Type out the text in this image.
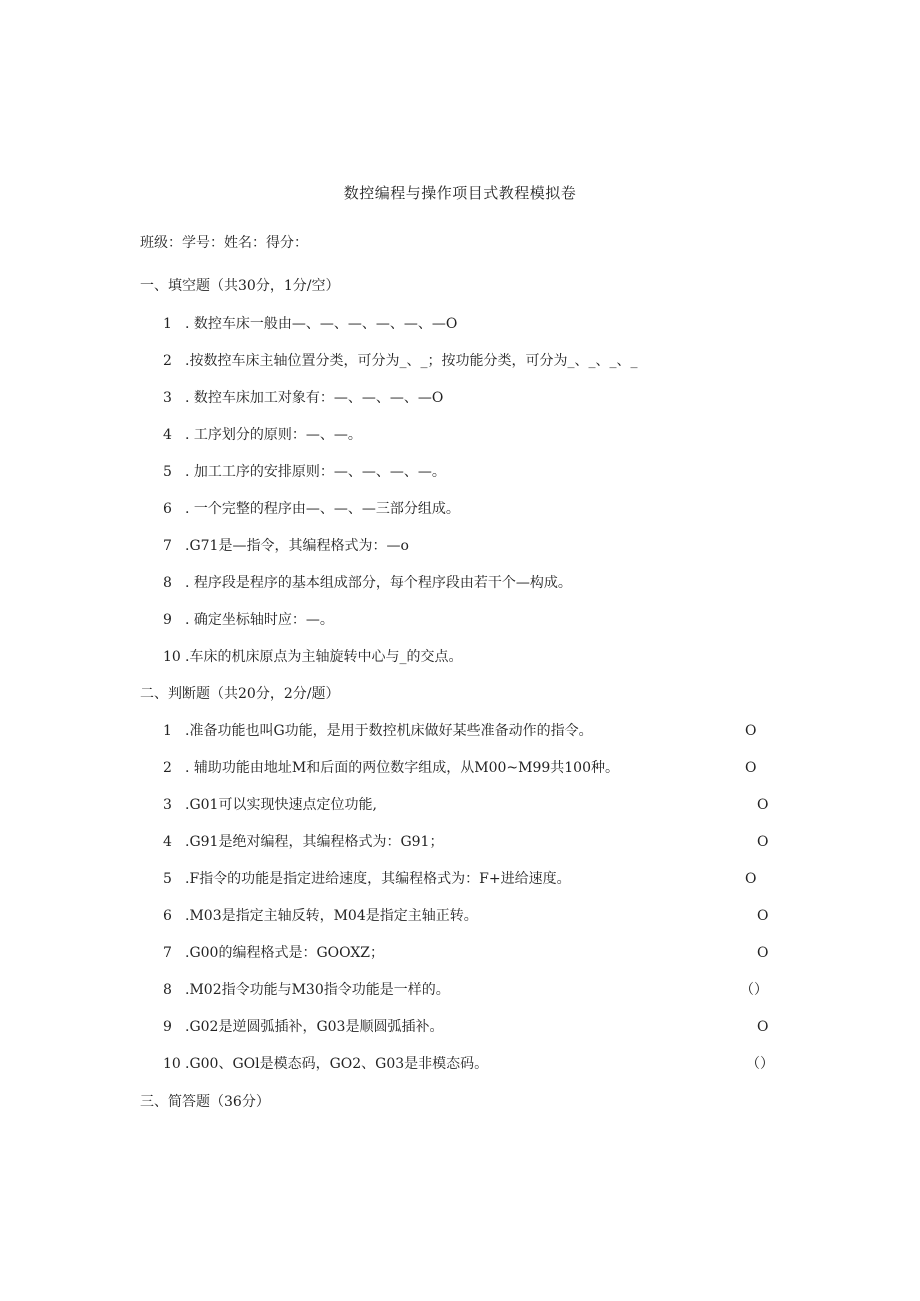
数控编程与操作项目式教程模拟卷
班级：学号：姓名：得分：
一、填空题（共30分，1分/空）
1 . 数控车床一般由—、—、—、—、—、—O
2 .按数控车床主轴位置分类，可分为_、_；按功能分类，可分为_、_、_、_
3 . 数控车床加工对象有：—、—、—、—O
4 . 工序划分的原则：—、—。
5 . 加工工序的安排原则：—、—、—、—。
6 . 一个完整的程序由—、—、—三部分组成。
7 .G71是—指令，其编程格式为：—o
8 . 程序段是程序的基本组成部分，每个程序段由若干个—构成。
9 . 确定坐标轴时应：—。
10 .车床的机床原点为主轴旋转中心与_的交点。
二、判断题（共20分，2分/题）
1 .准备功能也叫G功能，是用于数控机床做好某些准备动作的指令。	O
2 . 辅助功能由地址M和后面的两位数字组成，从M00~M99共100种。	O
3 .G01可以实现快速点定位功能,	O
4 .G91是绝对编程，其编程格式为：G91；	O
5 .F指令的功能是指定进给速度，其编程格式为：F+进给速度。	O
6 .M03是指定主轴反转，M04是指定主轴正转。	O
7 .G00的编程格式是：GOOXZ；	O
8 .M02指令功能与M30指令功能是一样的。	（）
9 .G02是逆圆弧插补，G03是顺圆弧插补。	O
10 .G00、GOl是模态码，GO2、G03是非模态码。	（）
三、简答题（36分）
